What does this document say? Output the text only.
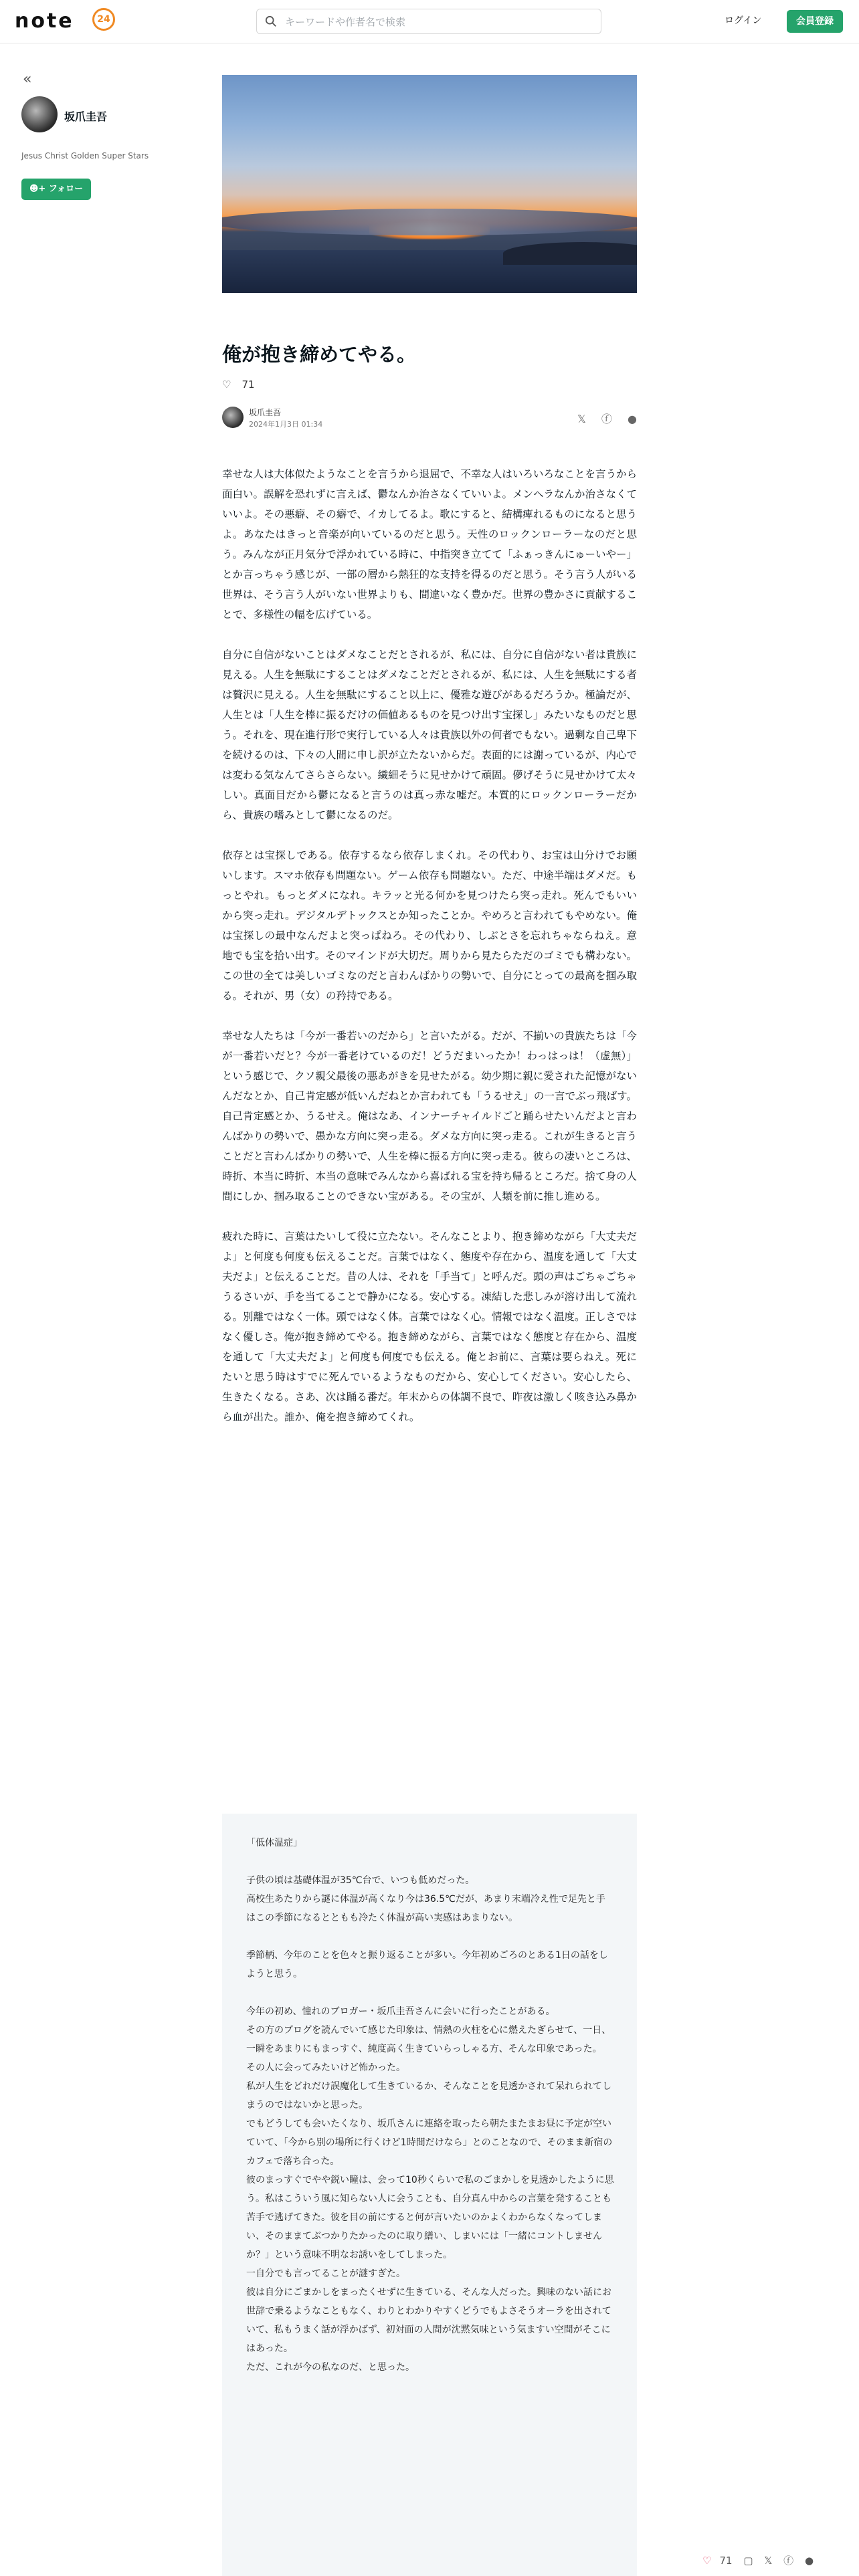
note	24
キーワードや作者名で検索	ログイン	会員登録
«
坂爪圭吾
Jesus Christ Golden Super Stars
☻+ フォロー
俺が抱き締めてやる。
♡ 71
坂爪圭吾
2024年1月3日 01:34	𝕏 ⓕ ●

幸せな人は大体似たようなことを言うから退屈で、不幸な人はいろいろなことを言うから面白い。誤解を恐れずに言えば、鬱なんか治さなくていいよ。メンヘラなんか治さなくていいよ。その悪癖、その癖で、イカしてるよ。歌にすると、結構痺れるものになると思うよ。あなたはきっと音楽が向いているのだと思う。天性のロックンローラーなのだと思う。みんなが正月気分で浮かれている時に、中指突き立てて「ふぁっきんにゅーいやー」とか言っちゃう感じが、一部の層から熱狂的な支持を得るのだと思う。そう言う人がいる世界は、そう言う人がいない世界よりも、間違いなく豊かだ。世界の豊かさに貢献することで、多様性の幅を広げている。

自分に自信がないことはダメなことだとされるが、私には、自分に自信がない者は貴族に見える。人生を無駄にすることはダメなことだとされるが、私には、人生を無駄にする者は贅沢に見える。人生を無駄にすること以上に、優雅な遊びがあるだろうか。極論だが、人生とは「人生を棒に振るだけの価値あるものを見つけ出す宝探し」みたいなものだと思う。それを、現在進行形で実行している人々は貴族以外の何者でもない。過剰な自己卑下を続けるのは、下々の人間に申し訳が立たないからだ。表面的には謝っているが、内心では変わる気なんてさらさらない。繊細そうに見せかけて頑固。儚げそうに見せかけて太々しい。真面目だから鬱になると言うのは真っ赤な嘘だ。本質的にロックンローラーだから、貴族の嗜みとして鬱になるのだ。

依存とは宝探しである。依存するなら依存しまくれ。その代わり、お宝は山分けでお願いします。スマホ依存も問題ない。ゲーム依存も問題ない。ただ、中途半端はダメだ。もっとやれ。もっとダメになれ。キラッと光る何かを見つけたら突っ走れ。死んでもいいから突っ走れ。デジタルデトックスとか知ったことか。やめろと言われてもやめない。俺は宝探しの最中なんだよと突っぱねろ。その代わり、しぶとさを忘れちゃならねえ。意地でも宝を拾い出す。そのマインドが大切だ。周りから見たらただのゴミでも構わない。この世の全ては美しいゴミなのだと言わんばかりの勢いで、自分にとっての最高を掴み取る。それが、男（女）の矜持である。

幸せな人たちは「今が一番若いのだから」と言いたがる。だが、不揃いの貴族たちは「今が一番若いだと？今が一番老けているのだ！どうだまいったか！わっはっは！（虚無）」という感じで、クソ親父最後の悪あがきを見せたがる。幼少期に親に愛された記憶がないんだなとか、自己肯定感が低いんだねとか言われても「うるせえ」の一言でぶっ飛ばす。自己肯定感とか、うるせえ。俺はなあ、インナーチャイルドごと踊らせたいんだよと言わんばかりの勢いで、愚かな方向に突っ走る。ダメな方向に突っ走る。これが生きると言うことだと言わんばかりの勢いで、人生を棒に振る方向に突っ走る。彼らの凄いところは、時折、本当に時折、本当の意味でみんなから喜ばれる宝を持ち帰るところだ。捨て身の人間にしか、掴み取ることのできない宝がある。その宝が、人類を前に推し進める。

疲れた時に、言葉はたいして役に立たない。そんなことより、抱き締めながら「大丈夫だよ」と何度も何度も伝えることだ。言葉ではなく、態度や存在から、温度を通して「大丈夫だよ」と伝えることだ。昔の人は、それを「手当て」と呼んだ。頭の声はごちゃごちゃうるさいが、手を当てることで静かになる。安心する。凍結した悲しみが溶け出して流れる。別離ではなく一体。頭ではなく体。言葉ではなく心。情報ではなく温度。正しさではなく優しさ。俺が抱き締めてやる。抱き締めながら、言葉ではなく態度と存在から、温度を通して「大丈夫だよ」と何度も何度でも伝える。俺とお前に、言葉は要らねえ。死にたいと思う時はすでに死んでいるようなものだから、安心してください。安心したら、生きたくなる。さあ、次は踊る番だ。年末からの体調不良で、昨夜は激しく咳き込み鼻から血が出た。誰か、俺を抱き締めてくれ。

「低体温症」

子供の頃は基礎体温が35℃台で、いつも低めだった。

高校生あたりから謎に体温が高くなり今は36.5℃だが、あまり末端冷え性で足先と手はこの季節になるとともも冷たく体温が高い実感はあまりない。

季節柄、今年のことを色々と振り返ることが多い。今年初めごろのとある1日の話をしようと思う。

今年の初め、憧れのブロガー・坂爪圭吾さんに会いに行ったことがある。

その方のブログを読んでいて感じた印象は、情熱の火柱を心に燃えたぎらせて、一日、一瞬をあまりにもまっすぐ、純度高く生きていらっしゃる方、そんな印象であった。

その人に会ってみたいけど怖かった。

私が人生をどれだけ誤魔化して生きているか、そんなことを見透かされて呆れられてしまうのではないかと思った。

でもどうしても会いたくなり、坂爪さんに連絡を取ったら朝たまたまお昼に予定が空いていて、「今から別の場所に行くけど1時間だけなら」とのことなので、そのまま新宿のカフェで落ち合った。

彼のまっすぐでやや鋭い瞳は、会って10秒くらいで私のごまかしを見透かしたように思う。私はこういう風に知らない人に会うことも、自分真ん中からの言葉を発することも苦手で逃げてきた。彼を目の前にすると何が言いたいのかよくわからなくなってしまい、そのままてぶつかりたかったのに取り繕い、しまいには「一緒にコントしませんか？」という意味不明なお誘いをしてしまった。

一自分でも言ってることが謎すぎた。

彼は自分にごまかしをまったくせずに生きている、そんな人だった。興味のない話にお世辞で乗るようなこともなく、わりとわかりやすくどうでもよさそうオーラを出されていて、私もうまく話が浮かばず、初対面の人間が沈黙気味という気ますい空間がそこにはあった。

ただ、これが今の私なのだ、と思った。

♡ 71 ▢ 𝕏 ⓕ ●
